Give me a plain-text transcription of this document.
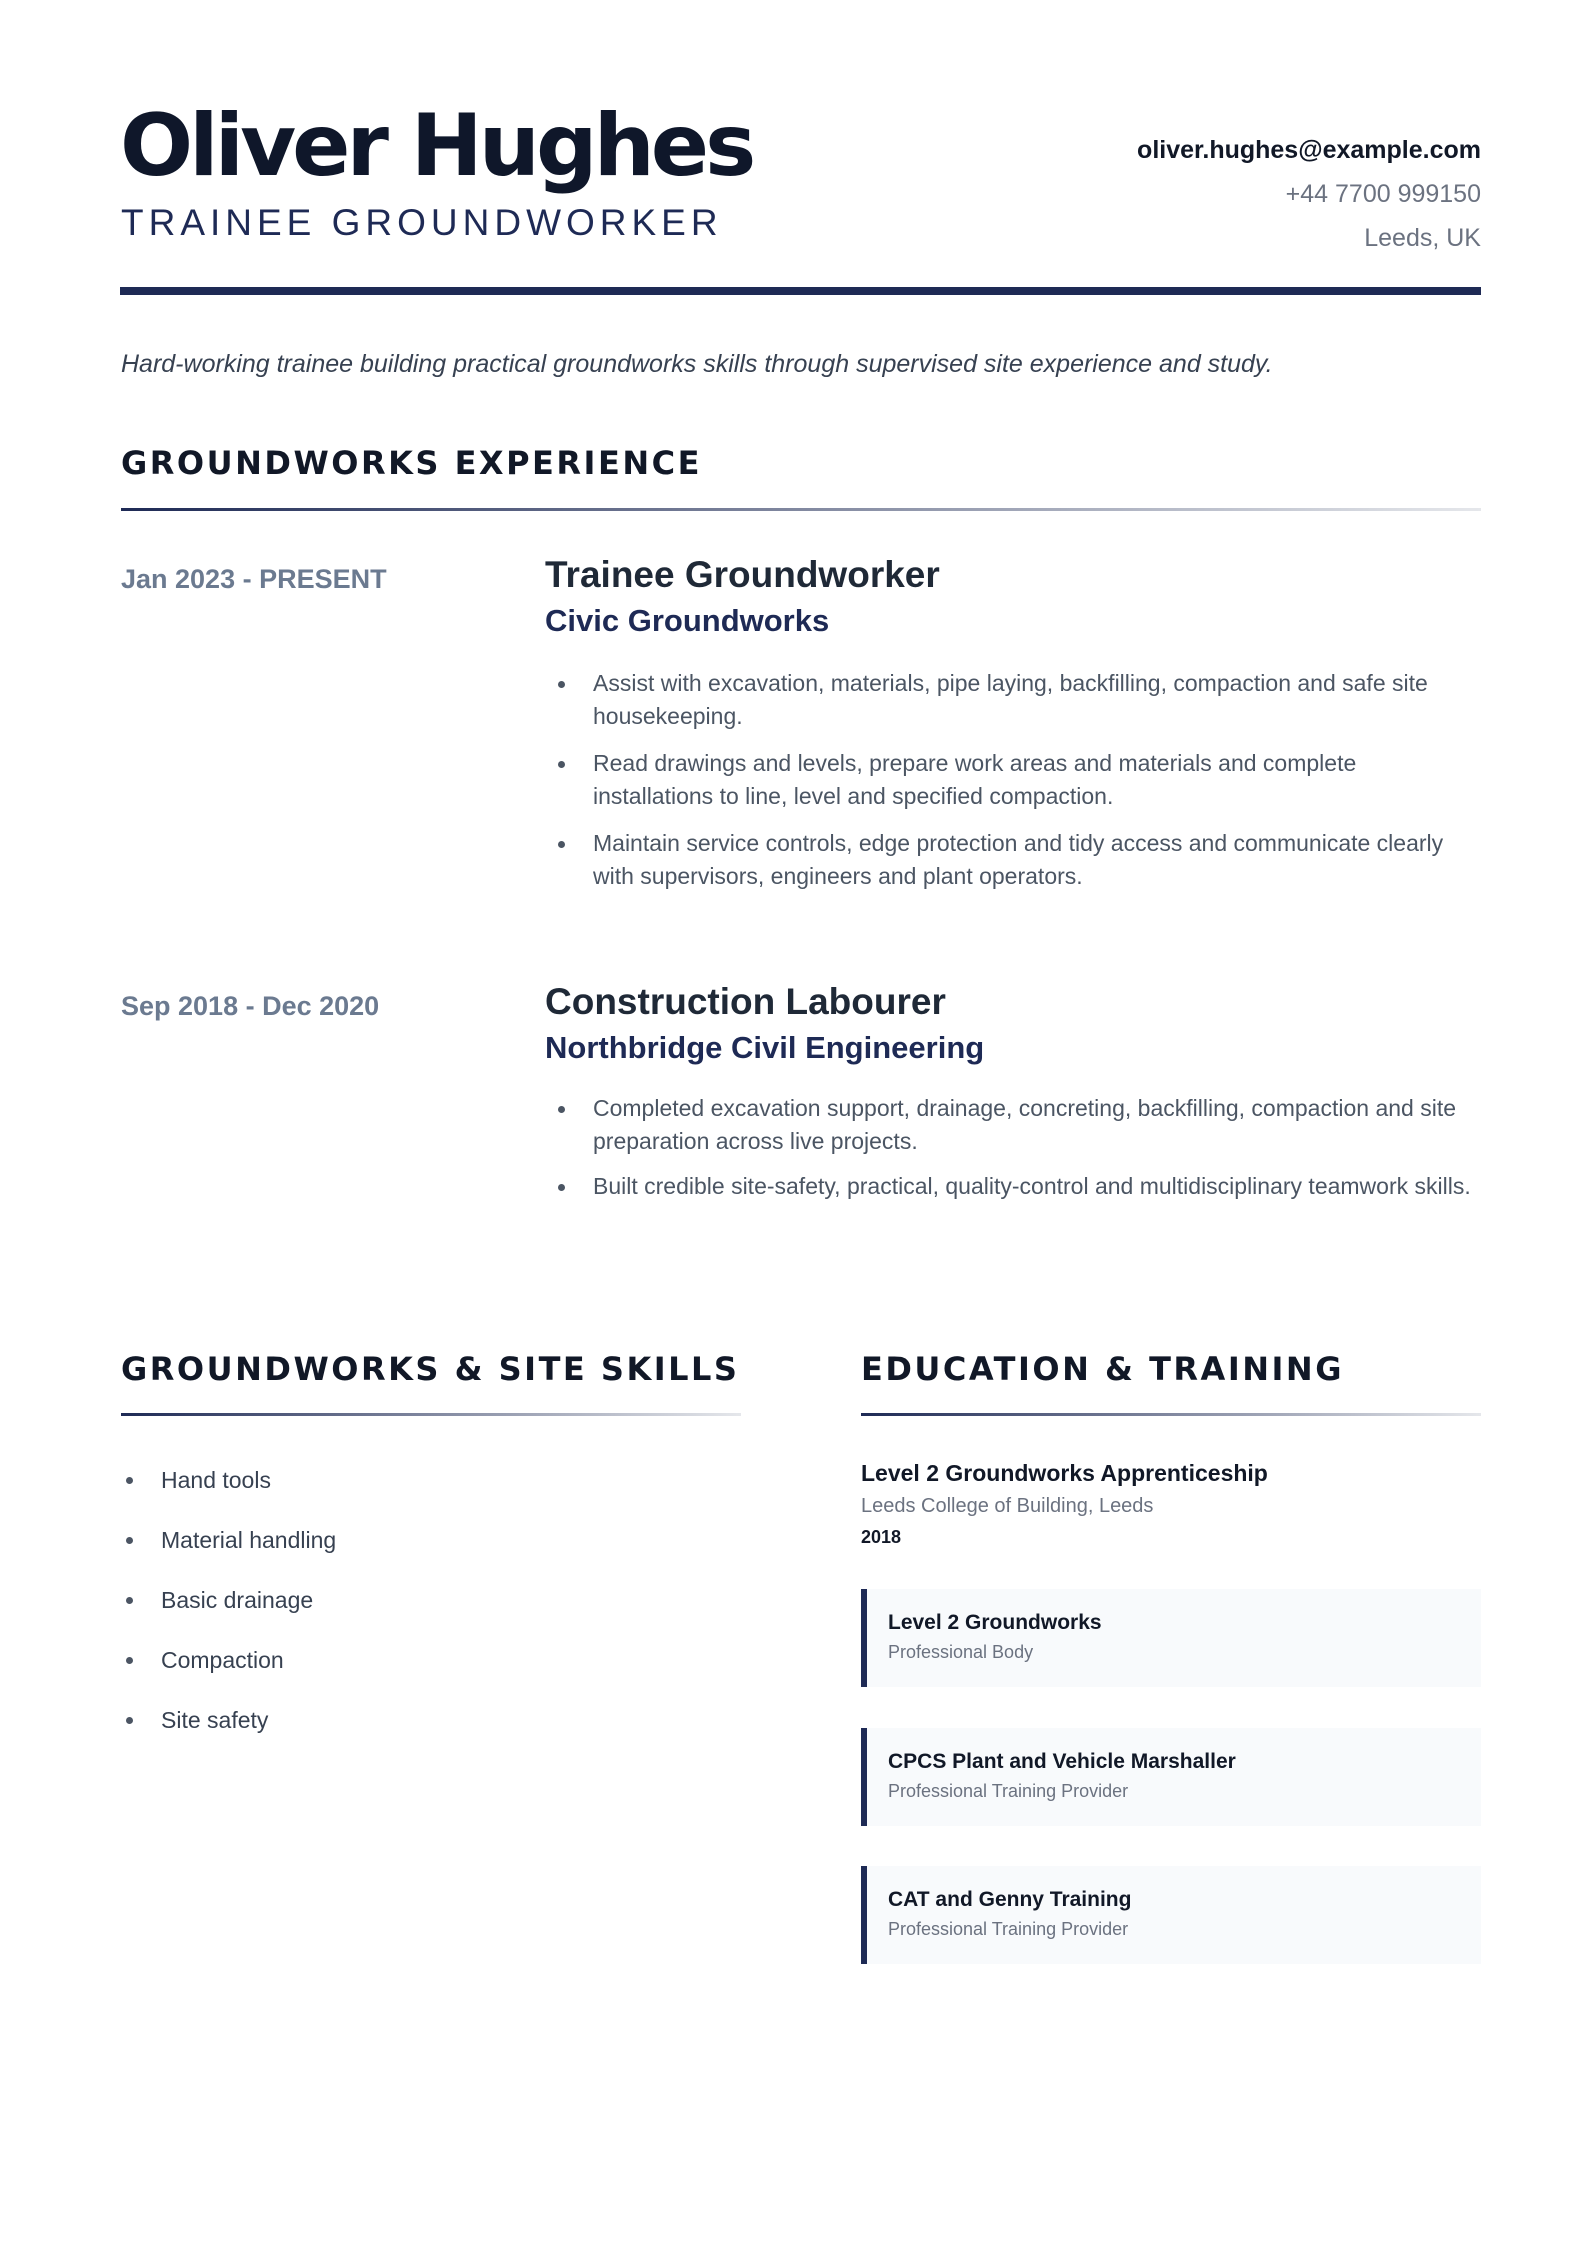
Oliver Hughes
TRAINEE GROUNDWORKER
oliver.hughes@example.com
+44 7700 999150
Leeds, UK

Hard-working trainee building practical groundworks skills through supervised site experience and study.

GROUNDWORKS EXPERIENCE
Jan 2023 - PRESENT	Trainee Groundworker
Civic Groundworks
Assist with excavation, materials, pipe laying, backfilling, compaction and safe site housekeeping.
Read drawings and levels, prepare work areas and materials and complete installations to line, level and specified compaction.
Maintain service controls, edge protection and tidy access and communicate clearly with supervisors, engineers and plant operators.
Sep 2018 - Dec 2020	Construction Labourer
Northbridge Civil Engineering
Completed excavation support, drainage, concreting, backfilling, compaction and site preparation across live projects.
Built credible site-safety, practical, quality-control and multidisciplinary teamwork skills.
GROUNDWORKS & SITE SKILLS
Hand tools
Material handling
Basic drainage
Compaction
Site safety
EDUCATION & TRAINING
Level 2 Groundworks Apprenticeship
Leeds College of Building, Leeds
2018
Level 2 Groundworks
Professional Body
CPCS Plant and Vehicle Marshaller
Professional Training Provider
CAT and Genny Training
Professional Training Provider
